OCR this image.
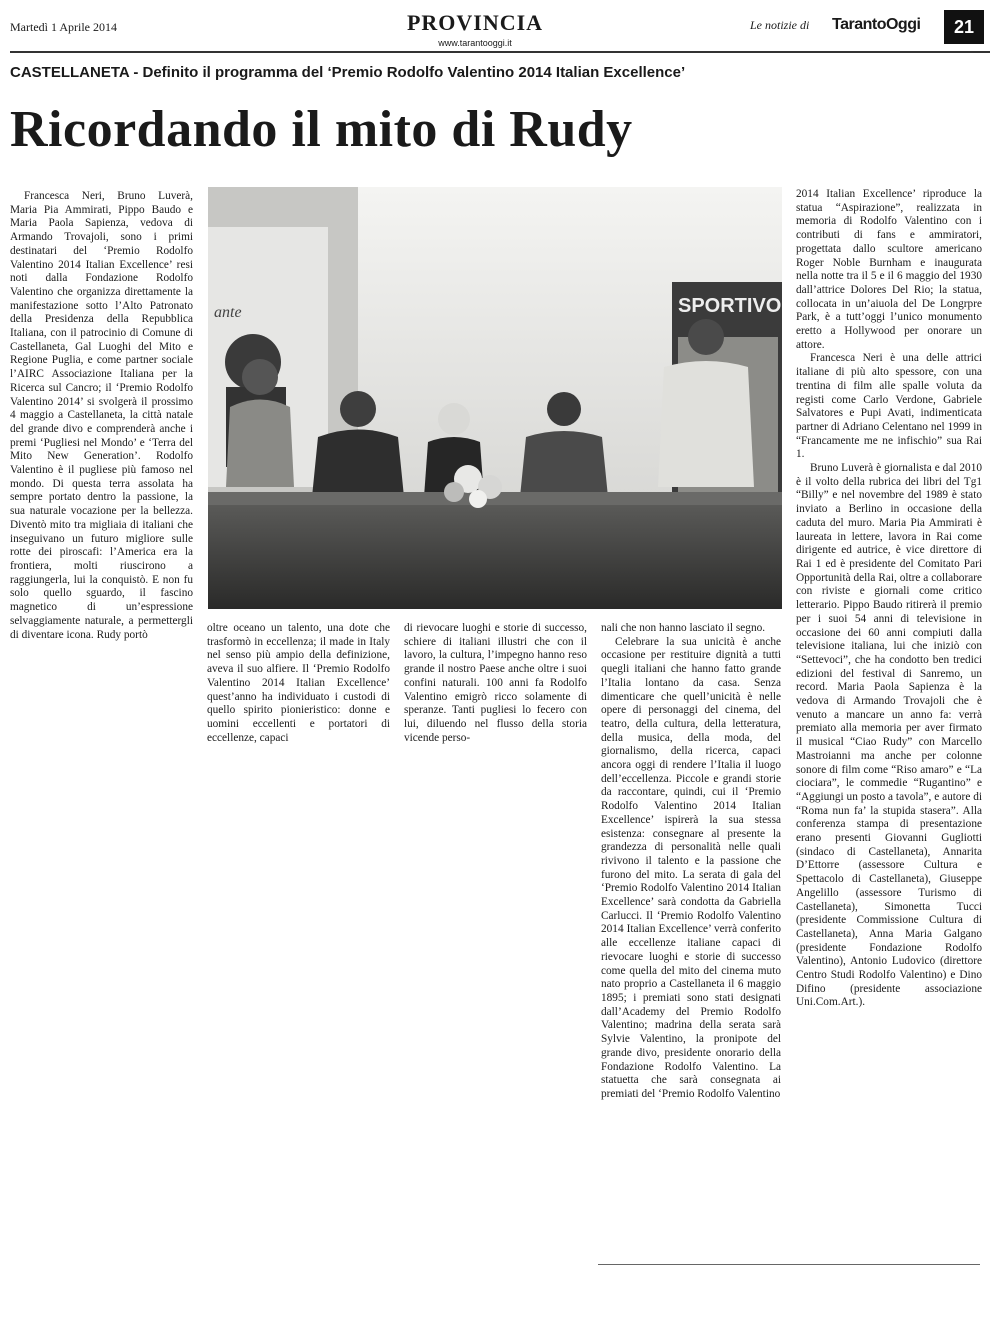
Martedì 1 Aprile 2014	PROVINCIA
www.tarantooggi.it
Le notizie di TarantoOggi	21
CASTELLANETA - Definito il programma del ‘Premio Rodolfo Valentino 2014 Italian Excellence’
Ricordando il mito di Rudy

Francesca Neri, Bruno Luverà, Maria Pia Ammirati, Pippo Baudo e Maria Paola Sapienza, vedova di Armando Trovajoli, sono i primi destinatari del ‘Premio Rodolfo Valentino 2014 Italian Excellence’ resi noti dalla Fondazione Rodolfo Valentino che organizza direttamente la manifestazione sotto l’Alto Patronato della Presidenza della Repubblica Italiana, con il patrocinio di Comune di Castellaneta, Gal Luoghi del Mito e Regione Puglia, e come partner sociale l’AIRC Associazione Italiana per la Ricerca sul Cancro; il ‘Premio Rodolfo Valentino 2014’ si svolgerà il prossimo 4 maggio a Castellaneta, la città natale del grande divo e comprenderà anche i premi ‘Pugliesi nel Mondo’ e ‘Terra del Mito New Generation’. Rodolfo Valentino è il pugliese più famoso nel mondo. Di questa terra assolata ha sempre portato dentro la passione, la sua naturale vocazione per la bellezza. Diventò mito tra migliaia di italiani che inseguivano un futuro migliore sulle rotte dei piroscafi: l’America era la frontiera, molti riuscirono a raggiungerla, lui la conquistò. E non fu solo quello sguardo, il fascino magnetico di un’espressione selvaggiamente naturale, a permettergli di diventare icona. Rudy portò

ante	SPORTIVO

oltre oceano un talento, una dote che trasformò in eccellenza; il made in Italy nel senso più ampio della definizione, aveva il suo alfiere. Il ‘Premio Rodolfo Valentino 2014 Italian Excellence’ quest’anno ha individuato i custodi di quello spirito pionieristico: donne e uomini eccellenti e portatori di eccellenze, capaci

di rievocare luoghi e storie di successo, schiere di italiani illustri che con il lavoro, la cultura, l’impegno hanno reso grande il nostro Paese anche oltre i suoi confini naturali. 100 anni fa Rodolfo Valentino emigrò ricco solamente di speranze. Tanti pugliesi lo fecero con lui, diluendo nel flusso della storia vicende perso-

nali che non hanno lasciato il segno.

Celebrare la sua unicità è anche occasione per restituire dignità a tutti quegli italiani che hanno fatto grande l’Italia lontano da casa. Senza dimenticare che quell’unicità è nelle opere di personaggi del cinema, del teatro, della cultura, della letteratura, della musica, della moda, del giornalismo, della ricerca, capaci ancora oggi di rendere l’Italia il luogo dell’eccellenza. Piccole e grandi storie da raccontare, quindi, cui il ‘Premio Rodolfo Valentino 2014 Italian Excellence’ ispirerà la sua stessa esistenza: consegnare al presente la grandezza di personalità nelle quali rivivono il talento e la passione che furono del mito. La serata di gala del ‘Premio Rodolfo Valentino 2014 Italian Excellence’ sarà condotta da Gabriella Carlucci. Il ‘Premio Rodolfo Valentino 2014 Italian Excellence’ verrà conferito alle eccellenze italiane capaci di rievocare luoghi e storie di successo come quella del mito del cinema muto nato proprio a Castellaneta il 6 maggio 1895; i premiati sono stati designati dall’Academy del Premio Rodolfo Valentino; madrina della serata sarà Sylvie Valentino, la pronipote del grande divo, presidente onorario della Fondazione Rodolfo Valentino. La statuetta che sarà consegnata ai premiati del ‘Premio Rodolfo Valentino

2014 Italian Excellence’ riproduce la statua “Aspirazione”, realizzata in memoria di Rodolfo Valentino con i contributi di fans e ammiratori, progettata dallo scultore americano Roger Noble Burnham e inaugurata nella notte tra il 5 e il 6 maggio del 1930 dall’attrice Dolores Del Rio; la statua, collocata in un’aiuola del De Longrpre Park, è a tutt’oggi l’unico monumento eretto a Hollywood per onorare un attore.

Francesca Neri è una delle attrici italiane di più alto spessore, con una trentina di film alle spalle voluta da registi come Carlo Verdone, Gabriele Salvatores e Pupi Avati, indimenticata partner di Adriano Celentano nel 1999 in “Francamente me ne infischio” sua Rai 1.

Bruno Luverà è giornalista e dal 2010 è il volto della rubrica dei libri del Tg1 “Billy” e nel novembre del 1989 è stato inviato a Berlino in occasione della caduta del muro. Maria Pia Ammirati è laureata in lettere, lavora in Rai come dirigente ed autrice, è vice direttore di Rai 1 ed è presidente del Comitato Pari Opportunità della Rai, oltre a collaborare con riviste e giornali come critico letterario. Pippo Baudo ritirerà il premio per i suoi 54 anni di televisione in occasione dei 60 anni compiuti dalla televisione italiana, lui che iniziò con “Settevoci”, che ha condotto ben tredici edizioni del festival di Sanremo, un record. Maria Paola Sapienza è la vedova di Armando Trovajoli che è venuto a mancare un anno fa: verrà premiato alla memoria per aver firmato il musical “Ciao Rudy” con Marcello Mastroianni ma anche per colonne sonore di film come “Riso amaro” e “La ciociara”, le commedie “Rugantino” e “Aggiungi un posto a tavola”, e autore di “Roma nun fa’ la stupida stasera”. Alla conferenza stampa di presentazione erano presenti Giovanni Gugliotti (sindaco di Castellaneta), Annarita D’Ettorre (assessore Cultura e Spettacolo di Castellaneta), Giuseppe Angelillo (assessore Turismo di Castellaneta), Simonetta Tucci (presidente Commissione Cultura di Castellaneta), Anna Maria Galgano (presidente Fondazione Rodolfo Valentino), Antonio Ludovico (direttore Centro Studi Rodolfo Valentino) e Dino Difino (presidente associazione Uni.Com.Art.).
